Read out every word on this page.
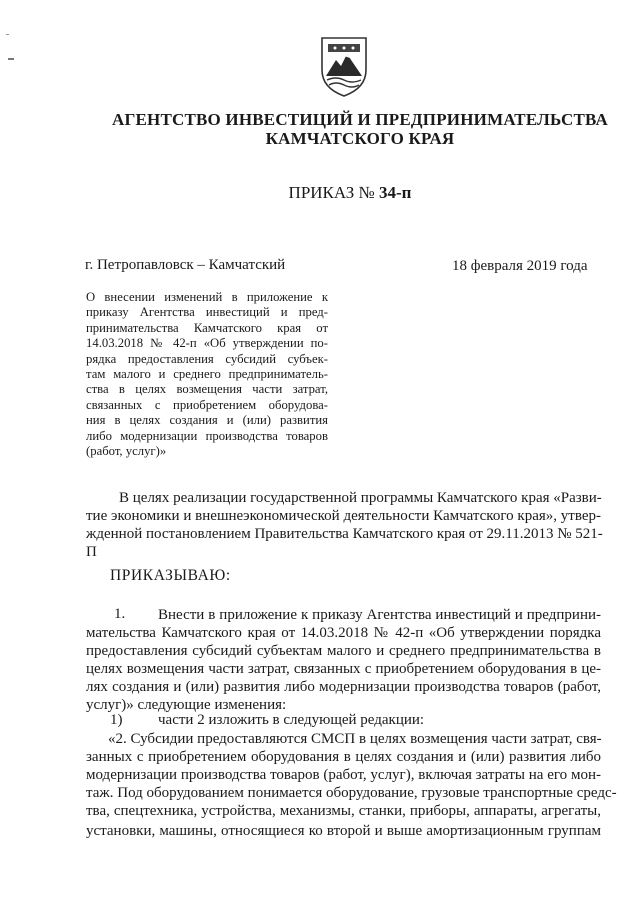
АГЕНТСТВО ИНВЕСТИЦИЙ И ПРЕДПРИНИМАТЕЛЬСТВА
КАМЧАТСКОГО КРАЯ
ПРИКАЗ № 34-п
г. Петропавловск – Камчатский	18 февраля 2019 года
О внесении изменений в приложение к
приказу Агентства инвестиций и пред-
принимательства Камчатского края от
14.03.2018 № 42-п «Об утверждении по-
рядка предоставления субсидий субъек-
там малого и среднего предприниматель-
ства в целях возмещения части затрат,
связанных с приобретением оборудова-
ния в целях создания и (или) развития
либо модернизации производства товаров
(работ, услуг)»
В целях реализации государственной программы Камчатского края «Разви-
тие экономики и внешнеэкономической деятельности Камчатского края», утвер-
жденной постановлением Правительства Камчатского края от 29.11.2013 № 521-
П
ПРИКАЗЫВАЮ:
1. Внести в приложение к приказу Агентства инвестиций и предприни-
мательства Камчатского края от 14.03.2018 № 42-п «Об утверждении порядка
предоставления субсидий субъектам малого и среднего предпринимательства в
целях возмещения части затрат, связанных с приобретением оборудования в це-
лях создания и (или) развития либо модернизации производства товаров (работ,
услуг)» следующие изменения:
1) части 2 изложить в следующей редакции:
«2. Субсидии предоставляются СМСП в целях возмещения части затрат, свя-
занных с приобретением оборудования в целях создания и (или) развития либо
модернизации производства товаров (работ, услуг), включая затраты на его мон-
таж. Под оборудованием понимается оборудование, грузовые транспортные средс-
тва, спецтехника, устройства, механизмы, станки, приборы, аппараты, агрегаты,
установки, машины, относящиеся ко второй и выше амортизационным группам
